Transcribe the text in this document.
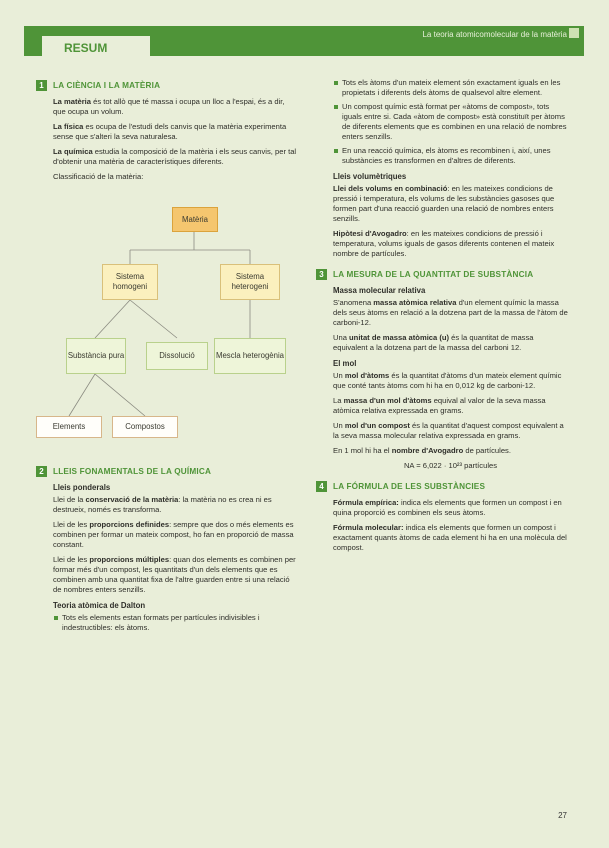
RESUM
La teoria atomicomolecular de la matèria
1	LA CIÈNCIA I LA MATÈRIA

La matèria és tot allò que té massa i ocupa un lloc a l'espai, és a dir, que ocupa un volum.

La física es ocupa de l'estudi dels canvis que la matèria experimenta sense que s'alteri la seva naturalesa.

La química estudia la composició de la matèria i els seus canvis, per tal d'obtenir una matèria de característiques diferents.

Classificació de la matèria:

Matèria
Sistema homogeni
Sistema heterogeni
Substància pura	Dissolució	Mescla heterogènia
Elements	Compostos
2	LLEIS FONAMENTALS DE LA QUÍMICA
Lleis ponderals

Llei de la conservació de la matèria: la matèria no es crea ni es destrueix, només es transforma.

Llei de les proporcions definides: sempre que dos o més elements es combinen per formar un mateix compost, ho fan en proporció de massa constant.

Llei de les proporcions múltiples: quan dos elements es combinen per formar més d'un compost, les quantitats d'un dels elements que es combinen amb una quantitat fixa de l'altre guarden entre si una relació de nombres enters senzills.

Teoria atòmica de Dalton
Tots els elements estan formats per partícules indivisibles i indestructibles: els àtoms.
Tots els àtoms d'un mateix element són exactament iguals en les propietats i diferents dels àtoms de qualsevol altre element.
Un compost químic està format per «àtoms de compost», tots iguals entre si. Cada «àtom de compost» està constituït per àtoms de diferents elements que es combinen en una relació de nombres enters senzills.
En una reacció química, els àtoms es recombinen i, així, unes substàncies es transformen en d'altres de diferents.
Lleis volumètriques

Llei dels volums en combinació: en les mateixes condicions de pressió i temperatura, els volums de les substàncies gasoses que formen part d'una reacció guarden una relació de nombres enters senzills.

Hipòtesi d'Avogadro: en les mateixes condicions de pressió i temperatura, volums iguals de gasos diferents contenen el mateix nombre de partícules.

3	LA MESURA DE LA QUANTITAT DE SUBSTÀNCIA
Massa molecular relativa

S'anomena massa atòmica relativa d'un element químic la massa dels seus àtoms en relació a la dotzena part de la massa de l'àtom de carboni-12.

Una unitat de massa atòmica (u) és la quantitat de massa equivalent a la dotzena part de la massa del carboni 12.

El mol

Un mol d'àtoms és la quantitat d'àtoms d'un mateix element químic que conté tants àtoms com hi ha en 0,012 kg de carboni-12.

La massa d'un mol d'àtoms equival al valor de la seva massa atòmica relativa expressada en grams.

Un mol d'un compost és la quantitat d'aquest compost equivalent a la seva massa molecular relativa expressada en grams.

En 1 mol hi ha el nombre d'Avogadro de partícules.

NA = 6,022 · 10²³ partícules

4	LA FÓRMULA DE LES SUBSTÀNCIES

Fórmula empírica: indica els elements que formen un compost i en quina proporció es combinen els seus àtoms.

Fórmula molecular: indica els elements que formen un compost i exactament quants àtoms de cada element hi ha en una molècula del compost.

27
